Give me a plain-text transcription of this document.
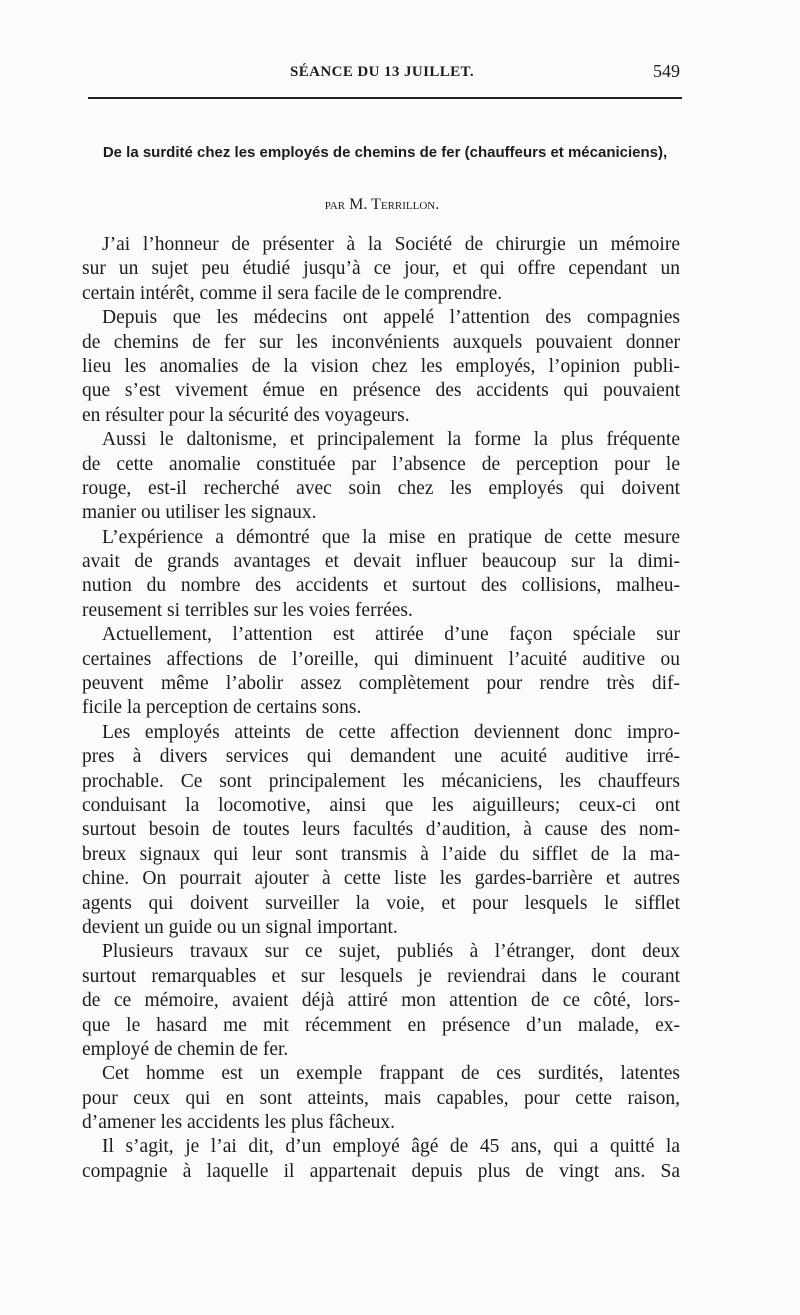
SÉANCE DU 13 JUILLET.	549
De la surdité chez les employés de chemins de fer (chauffeurs et mécaniciens),
par M. Terrillon.
J’ai l’honneur de présenter à la Société de chirurgie un mémoire
sur un sujet peu étudié jusqu’à ce jour, et qui offre cependant un
certain intérêt, comme il sera facile de le comprendre.
Depuis que les médecins ont appelé l’attention des compagnies
de chemins de fer sur les inconvénients auxquels pouvaient donner
lieu les anomalies de la vision chez les employés, l’opinion publi-
que s’est vivement émue en présence des accidents qui pouvaient
en résulter pour la sécurité des voyageurs.
Aussi le daltonisme, et principalement la forme la plus fréquente
de cette anomalie constituée par l’absence de perception pour le
rouge, est-il recherché avec soin chez les employés qui doivent
manier ou utiliser les signaux.
L’expérience a démontré que la mise en pratique de cette mesure
avait de grands avantages et devait influer beaucoup sur la dimi-
nution du nombre des accidents et surtout des collisions, malheu-
reusement si terribles sur les voies ferrées.
Actuellement, l’attention est attirée d’une façon spéciale sur
certaines affections de l’oreille, qui diminuent l’acuité auditive ou
peuvent même l’abolir assez complètement pour rendre très dif-
ficile la perception de certains sons.
Les employés atteints de cette affection deviennent donc impro-
pres à divers services qui demandent une acuité auditive irré-
prochable. Ce sont principalement les mécaniciens, les chauffeurs
conduisant la locomotive, ainsi que les aiguilleurs; ceux-ci ont
surtout besoin de toutes leurs facultés d’audition, à cause des nom-
breux signaux qui leur sont transmis à l’aide du sifflet de la ma-
chine. On pourrait ajouter à cette liste les gardes-barrière et autres
agents qui doivent surveiller la voie, et pour lesquels le sifflet
devient un guide ou un signal important.
Plusieurs travaux sur ce sujet, publiés à l’étranger, dont deux
surtout remarquables et sur lesquels je reviendrai dans le courant
de ce mémoire, avaient déjà attiré mon attention de ce côté, lors-
que le hasard me mit récemment en présence d’un malade, ex-
employé de chemin de fer.
Cet homme est un exemple frappant de ces surdités, latentes
pour ceux qui en sont atteints, mais capables, pour cette raison,
d’amener les accidents les plus fâcheux.
Il s’agit, je l’ai dit, d’un employé âgé de 45 ans, qui a quitté la
compagnie à laquelle il appartenait depuis plus de vingt ans. Sa
